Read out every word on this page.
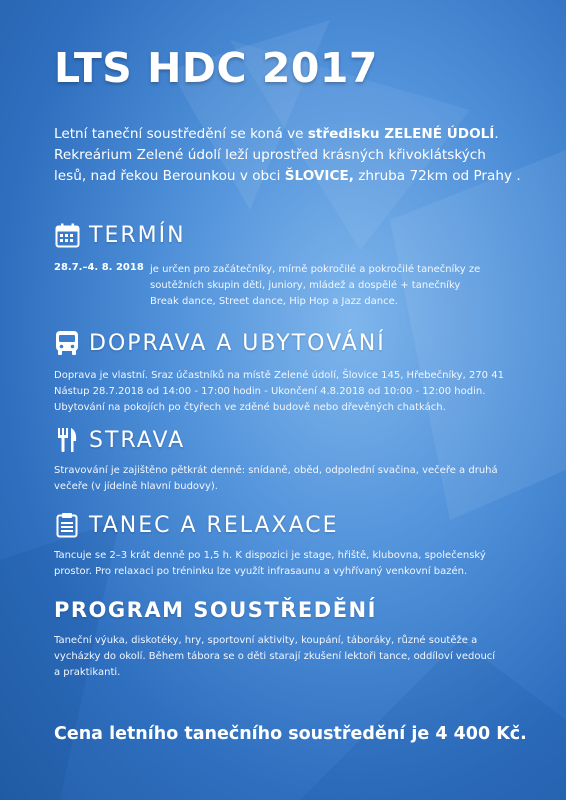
LTS HDC 2017
Letní taneční soustředění se koná ve středisku ZELENÉ ÚDOLÍ.
Rekreárium Zelené údolí leží uprostřed krásných křivoklátských
lesů, nad řekou Berounkou v obci ŠLOVICE, zhruba 72km od Prahy .
TERMÍN
28.7.–4. 8. 2018 je určen pro začátečníky, mírně pokročilé a pokročilé tanečníky ze
soutěžních skupin děti, juniory, mládež a dospělé + tanečníky
Break dance, Street dance, Hip Hop a Jazz dance.
DOPRAVA A UBYTOVÁNÍ
Doprava je vlastní. Sraz účastníků na místě Zelené údolí, Šlovice 145, Hřebečníky, 270 41
Nástup 28.7.2018 od 14:00 - 17:00 hodin - Ukončení 4.8.2018 od 10:00 - 12:00 hodin.
Ubytování na pokojích po čtyřech ve zděné budově nebo dřevěných chatkách.
STRAVA
Stravování je zajištěno pětkrát denně: snídaně, oběd, odpolední svačina, večeře a druhá
večeře (v jídelně hlavní budovy).
TANEC A RELAXACE
Tancuje se 2–3 krát denně po 1,5 h. K dispozici je stage, hřiště, klubovna, společenský
prostor. Pro relaxaci po tréninku lze využít infrasaunu a vyhřívaný venkovní bazén.
PROGRAM SOUSTŘEDĚNÍ
Taneční výuka, diskotéky, hry, sportovní aktivity, koupání, táboráky, různé soutěže a
vycházky do okolí. Během tábora se o děti starají zkušení lektoři tance, oddíloví vedoucí
a praktikanti.

Cena letního tanečního soustředění je 4 400 Kč.
